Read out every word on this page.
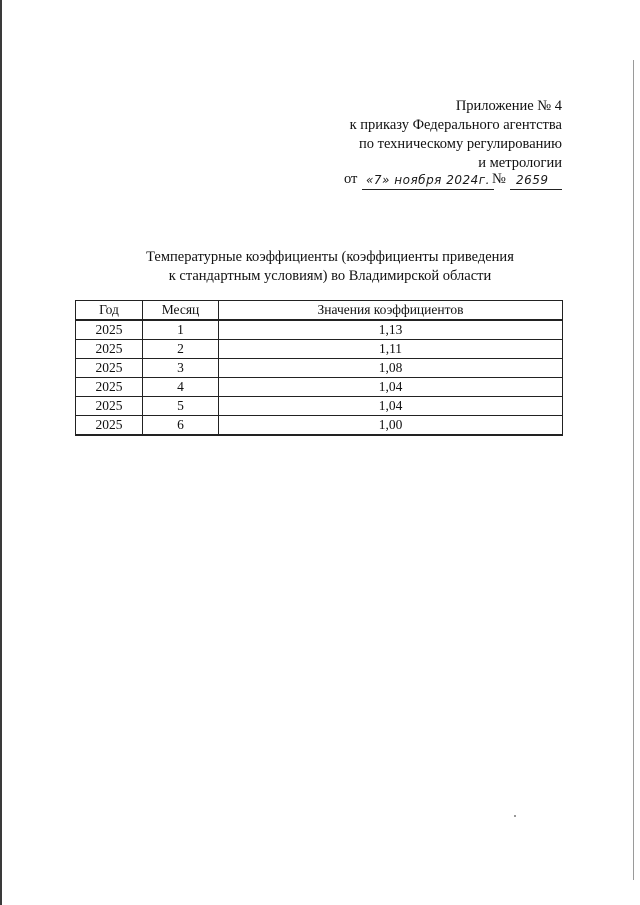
Приложение № 4
к приказу Федерального агентства
по техническому регулированию
и метрологии
от «7» ноября 2024г. № 2659
Температурные коэффициенты (коэффициенты приведения
к стандартным условиям) во Владимирской области
Год	Месяц	Значения коэффициентов
2025	1	1,13
2025	2	1,11
2025	3	1,08
2025	4	1,04
2025	5	1,04
2025	6	1,00
